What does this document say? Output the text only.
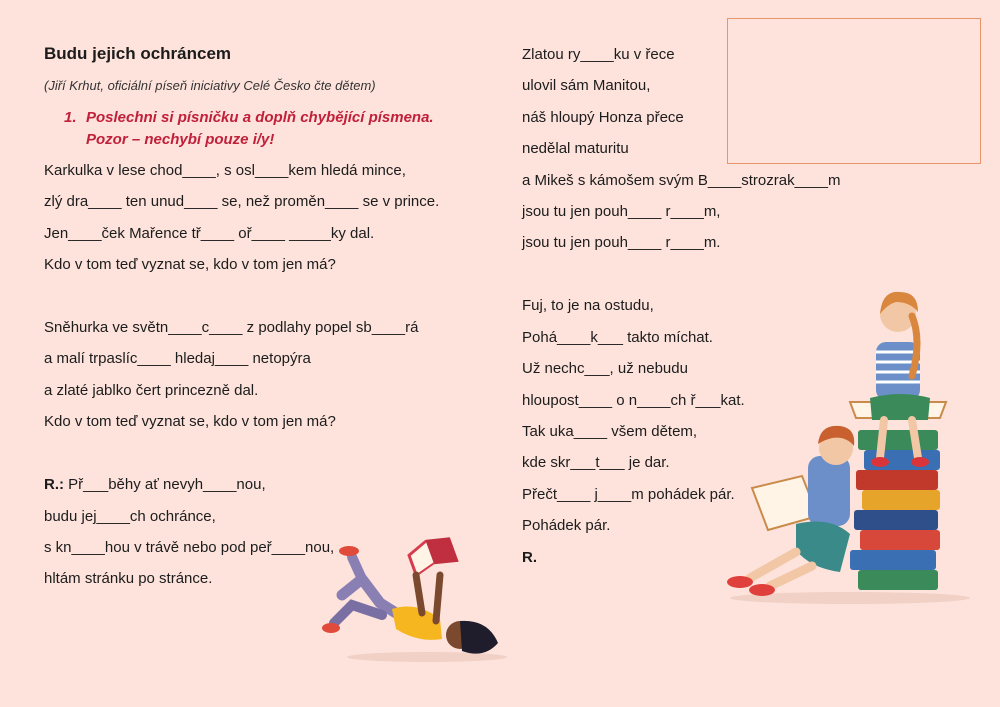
Budu jejich ochráncem
(Jiří Krhut, oficiální píseň iniciativy Celé Česko čte dětem)
1. Poslechni si písničku a doplň chybějící písmena. Pozor – nechybí pouze i/y!
Karkulka v lese chod____, s osl____kem hledá mince,
zlý dra____ ten unud____ se, než proměn____ se v prince.
Jen____ček Mařence tř____ oř____ _____ky dal.
Kdo v tom teď vyznat se, kdo v tom jen má?
Sněhurka ve světn____c____ z podlahy popel sb____rá
a malí trpaslíc____ hledaj____ netopýra
a zlaté jablko čert princezně dal.
Kdo v tom teď vyznat se, kdo v tom jen má?
R.: Př___běhy ať nevyh____nou,
budu jej____ch ochránce,
s kn____hou v trávě nebo pod peř____nou,
hltám stránku po stránce.
Zlatou ry____ku v řece
ulovil sám Manitou,
náš hloupý Honza přece
nedělal maturitu
a Mikeš s kámošem svým B____strozrak____m
jsou tu jen pouh____ r____m,
jsou tu jen pouh____ r____m.
Fuj, to je na ostudu,
Pohá____k___ takto míchat.
Už nechc___, už nebudu
hloupost____ o n____ch ř___kat.
Tak uka____ všem dětem,
kde skr___t___ je dar.
Přečt____ j____m pohádek pár.
Pohádek pár.
R.
